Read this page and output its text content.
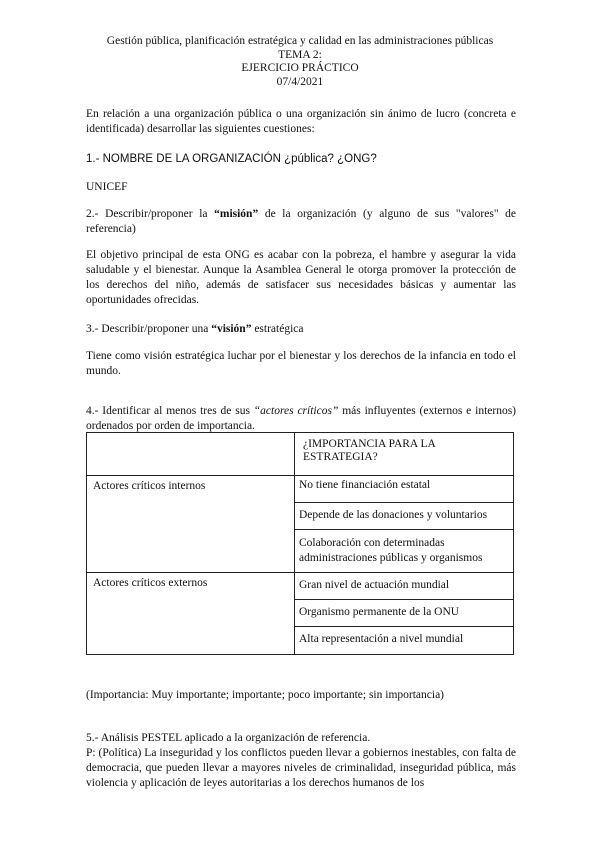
Gestión pública, planificación estratégica y calidad en las administraciones públicas
TEMA 2:
EJERCICIO PRÁCTICO
07/4/2021
En relación a una organización pública o una organización sin ánimo de lucro (concreta e identificada) desarrollar las siguientes cuestiones:
1.- NOMBRE DE LA ORGANIZACIÓN ¿pública? ¿ONG?
UNICEF
2.- Describir/proponer la “misión” de la organización (y alguno de sus "valores" de referencia)
El objetivo principal de esta ONG es acabar con la pobreza, el hambre y asegurar la vida saludable y el bienestar. Aunque la Asamblea General le otorga promover la protección de los derechos del niño, además de satisfacer sus necesidades básicas y aumentar las oportunidades ofrecidas.
3.- Describir/proponer una “visión” estratégica
Tiene como visión estratégica luchar por el bienestar y los derechos de la infancia en todo el mundo.
4.- Identificar al menos tres de sus “actores críticos” más influyentes (externos e internos) ordenados por orden de importancia.

	¿IMPORTANCIA PARA LA ESTRATEGIA?

Actores críticos internos	No tiene financiación estatal

	Depende de las donaciones y voluntarios

	Colaboración con determinadas administraciones públicas y organismos

Actores críticos externos	Gran nivel de actuación mundial

	Organismo permanente de la ONU

	Alta representación a nivel mundial
(Importancia: Muy importante; importante; poco importante; sin importancia)
5.- Análisis PESTEL aplicado a la organización de referencia.
P: (Política) La inseguridad y los conflictos pueden llevar a gobiernos inestables, con falta de democracia, que pueden llevar a mayores niveles de criminalidad, inseguridad pública, más violencia y aplicación de leyes autoritarias a los derechos humanos de los
